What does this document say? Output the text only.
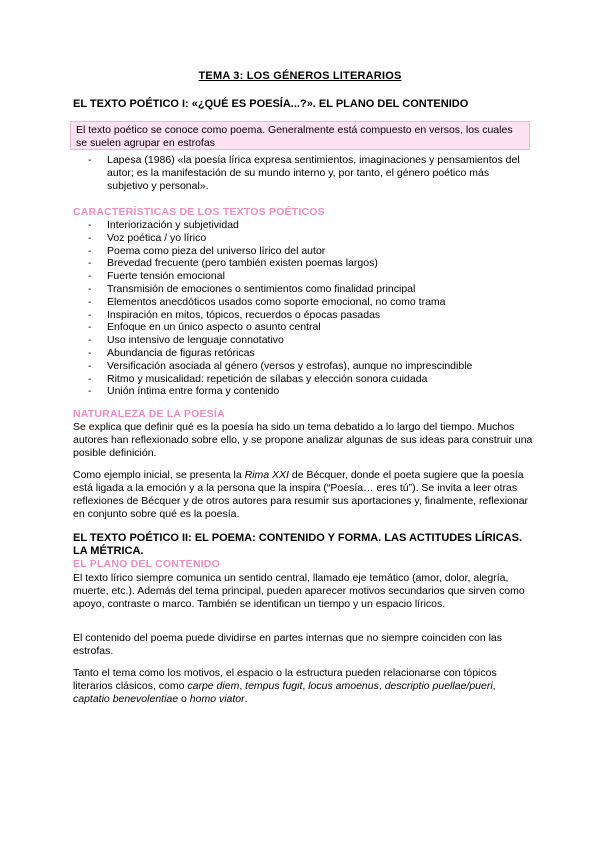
TEMA 3: LOS GÉNEROS LITERARIOS
EL TEXTO POÉTICO I: «¿QUÉ ES POESÍA...?». EL PLANO DEL CONTENIDO
El texto poético se conoce como poema. Generalmente está compuesto en versos, los cuales se suelen agrupar en estrofas
- Lapesa (1986) «la poesía lírica expresa sentimientos, imaginaciones y pensamientos del autor; es la manifestación de su mundo interno y, por tanto, el género poético más subjetivo y personal».
CARACTERÍSTICAS DE LOS TEXTOS POÉTICOS
- Interiorización y subjetividad
- Voz poética / yo lírico
- Poema como pieza del universo lírico del autor
- Brevedad frecuente (pero también existen poemas largos)
- Fuerte tensión emocional
- Transmisión de emociones o sentimientos como finalidad principal
- Elementos anecdóticos usados como soporte emocional, no como trama
- Inspiración en mitos, tópicos, recuerdos o épocas pasadas
- Enfoque en un único aspecto o asunto central
- Uso intensivo de lenguaje connotativo
- Abundancia de figuras retóricas
- Versificación asociada al género (versos y estrofas), aunque no imprescindible
- Ritmo y musicalidad: repetición de sílabas y elección sonora cuidada
- Unión íntima entre forma y contenido
NATURALEZA DE LA POESÍA

Se explica que definir qué es la poesía ha sido un tema debatido a lo largo del tiempo. Muchos autores han reflexionado sobre ello, y se propone analizar algunas de sus ideas para construir una posible definición.

Como ejemplo inicial, se presenta la Rima XXI de Bécquer, donde el poeta sugiere que la poesía está ligada a la emoción y a la persona que la inspira (“Poesía… eres tú”). Se invita a leer otras reflexiones de Bécquer y de otros autores para resumir sus aportaciones y, finalmente, reflexionar en conjunto sobre qué es la poesía.

EL TEXTO POÉTICO II: EL POEMA: CONTENIDO Y FORMA. LAS ACTITUDES LÍRICAS. LA MÉTRICA.
EL PLANO DEL CONTENIDO

El texto lírico siempre comunica un sentido central, llamado eje temático (amor, dolor, alegría, muerte, etc.). Además del tema principal, pueden aparecer motivos secundarios que sirven como apoyo, contraste o marco. También se identifican un tiempo y un espacio líricos.

El contenido del poema puede dividirse en partes internas que no siempre coinciden con las estrofas.

Tanto el tema como los motivos, el espacio o la estructura pueden relacionarse con tópicos literarios clásicos, como carpe diem, tempus fugit, locus amoenus, descriptio puellae/pueri, captatio benevolentiae o homo viator.
